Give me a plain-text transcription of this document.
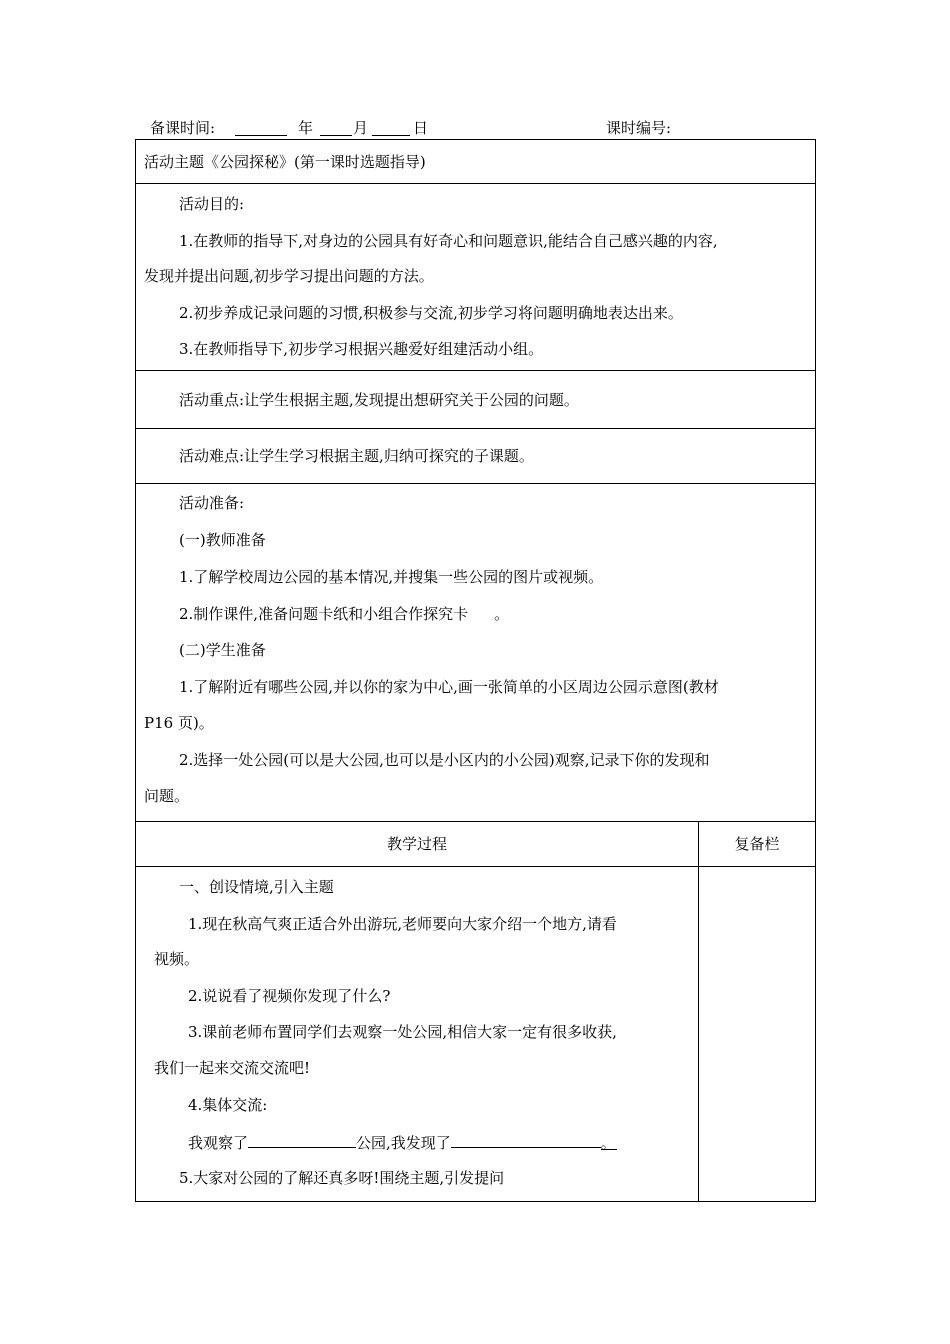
备课时间:	年	月	日	课时编号:
活动主题《公园探秘》(第一课时选题指导)
活动目的:
1.在教师的指导下,对身边的公园具有好奇心和问题意识,能结合自己感兴趣的内容,
发现并提出问题,初步学习提出问题的方法。
2.初步养成记录问题的习惯,积极参与交流,初步学习将问题明确地表达出来。
3.在教师指导下,初步学习根据兴趣爱好组建活动小组。
活动重点:让学生根据主题,发现提出想研究关于公园的问题。
活动难点:让学生学习根据主题,归纳可探究的子课题。
活动准备:
(一)教师准备
1.了解学校周边公园的基本情况,并搜集一些公园的图片或视频。
2.制作课件,准备问题卡纸和小组合作探究卡 。
(二)学生准备
1.了解附近有哪些公园,并以你的家为中心,画一张简单的小区周边公园示意图(教材
P16 页)。
2.选择一处公园(可以是大公园,也可以是小区内的小公园)观察,记录下你的发现和
问题。
教学过程	复备栏
一、创设情境,引入主题
1.现在秋高气爽正适合外出游玩,老师要向大家介绍一个地方,请看
视频。
2.说说看了视频你发现了什么?
3.课前老师布置同学们去观察一处公园,相信大家一定有很多收获,
我们一起来交流交流吧!
4.集体交流:
我观察了	公园,我发现了	。
5.大家对公园的了解还真多呀!围绕主题,引发提问
